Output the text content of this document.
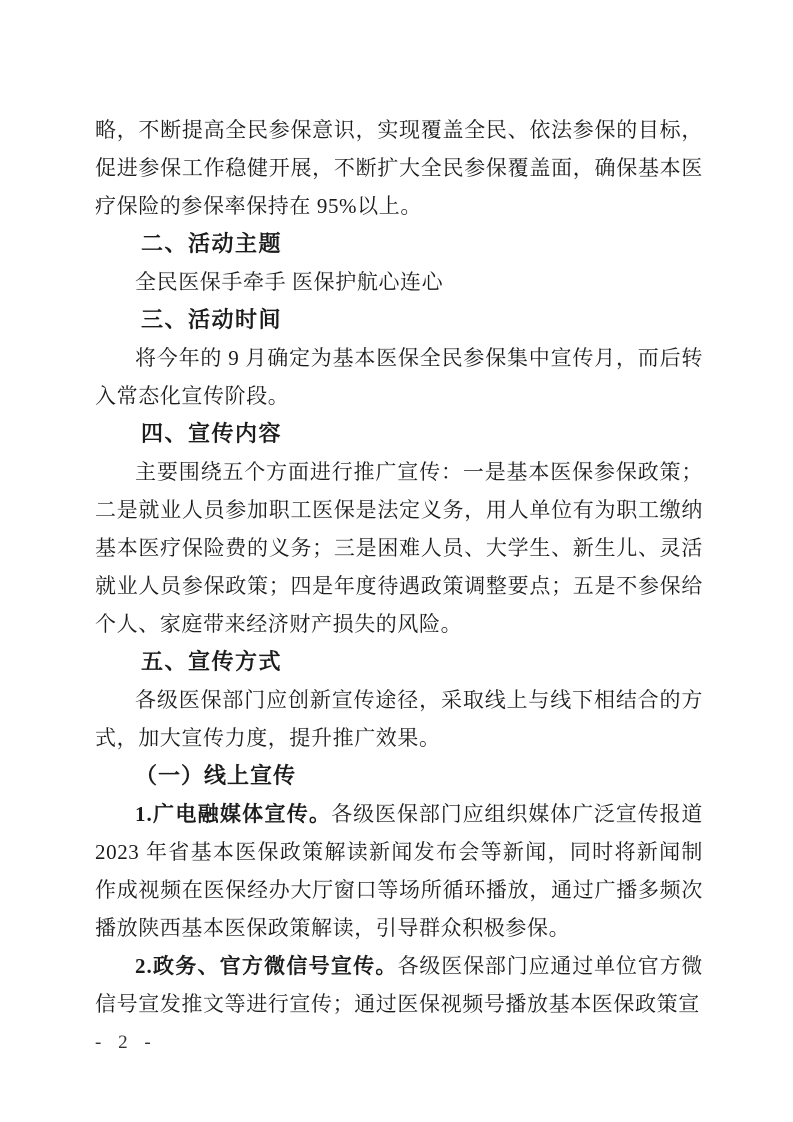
略，不断提高全民参保意识，实现覆盖全民、依法参保的目标，促进参保工作稳健开展，不断扩大全民参保覆盖面，确保基本医疗保险的参保率保持在 95%以上。

二、活动主题

全民医保手牵手 医保护航心连心

三、活动时间

将今年的 9 月确定为基本医保全民参保集中宣传月，而后转入常态化宣传阶段。

四、宣传内容

主要围绕五个方面进行推广宣传：一是基本医保参保政策；二是就业人员参加职工医保是法定义务，用人单位有为职工缴纳基本医疗保险费的义务；三是困难人员、大学生、新生儿、灵活就业人员参保政策；四是年度待遇政策调整要点；五是不参保给个人、家庭带来经济财产损失的风险。

五、宣传方式

各级医保部门应创新宣传途径，采取线上与线下相结合的方式，加大宣传力度，提升推广效果。

（一）线上宣传

1.广电融媒体宣传。各级医保部门应组织媒体广泛宣传报道 2023 年省基本医保政策解读新闻发布会等新闻，同时将新闻制作成视频在医保经办大厅窗口等场所循环播放，通过广播多频次播放陕西基本医保政策解读，引导群众积极参保。

2.政务、官方微信号宣传。各级医保部门应通过单位官方微信号宣发推文等进行宣传；通过医保视频号播放基本医保政策宣

- 2 -
